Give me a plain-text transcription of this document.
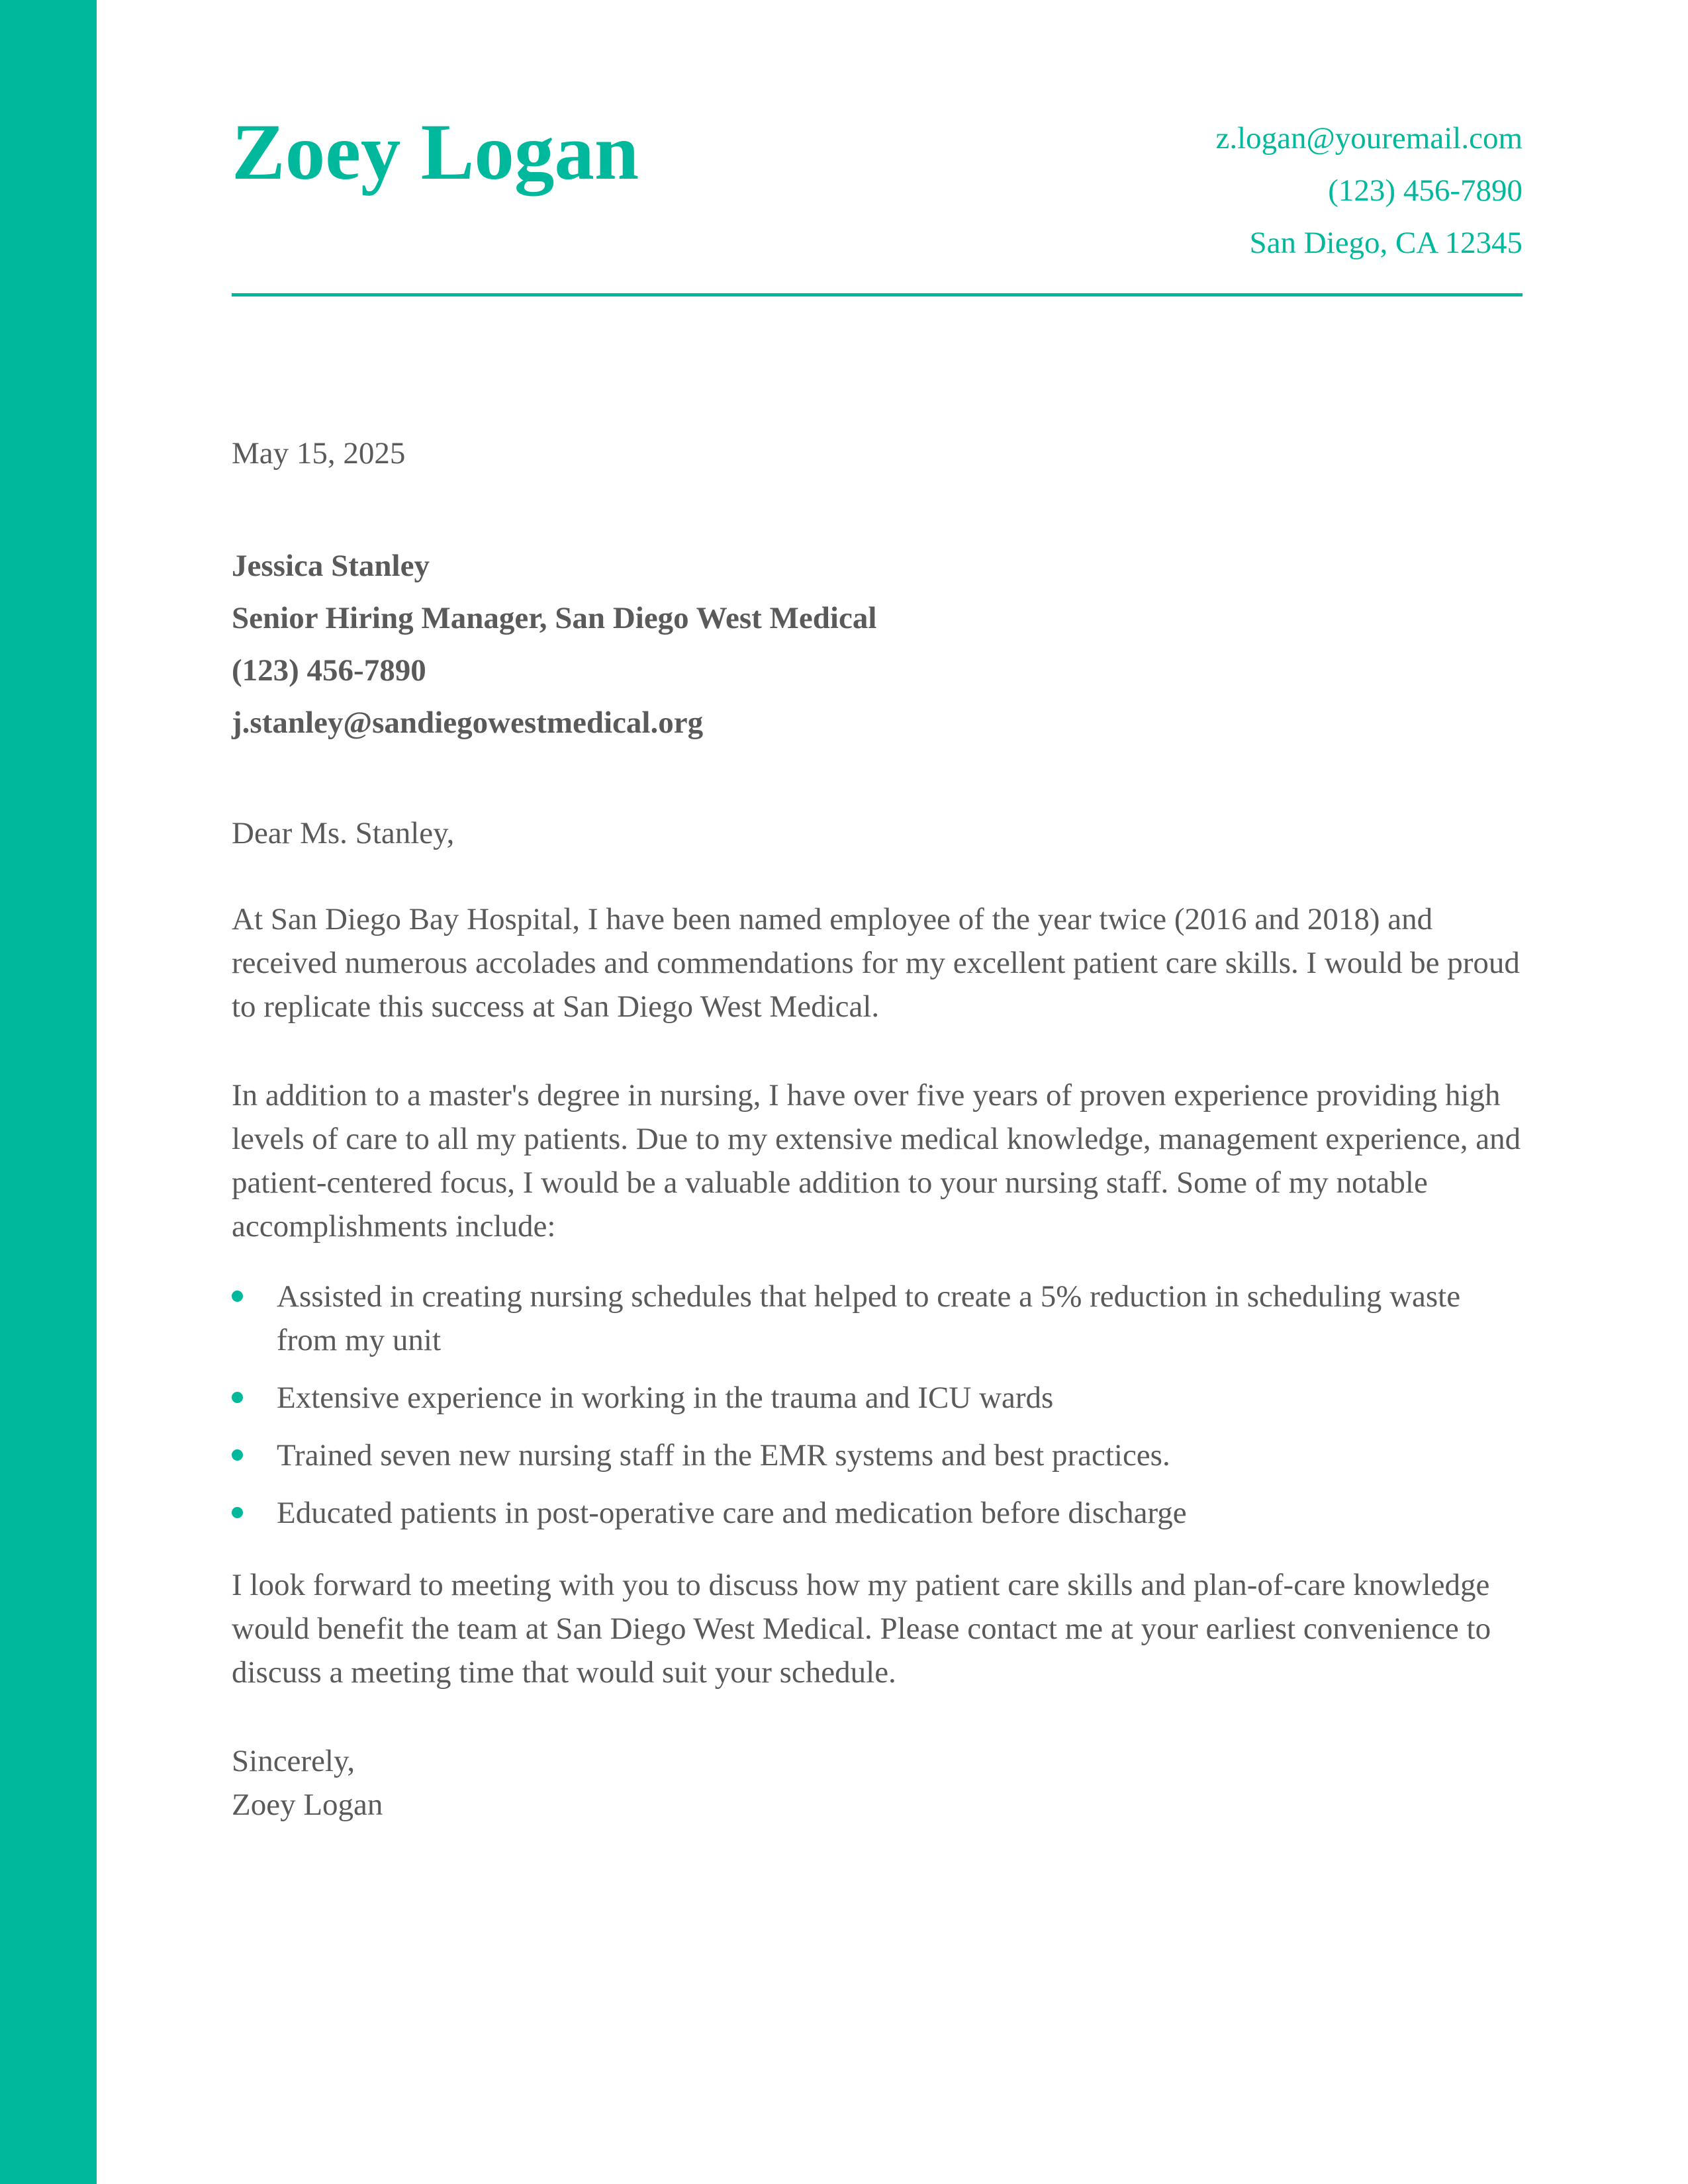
Zoey Logan	z.logan@youremail.com
(123) 456-7890
San Diego, CA 12345
May 15, 2025
Jessica Stanley
Senior Hiring Manager, San Diego West Medical
(123) 456-7890
j.stanley@sandiegowestmedical.org
Dear Ms. Stanley,

At San Diego Bay Hospital, I have been named employee of the year twice (2016 and 2018) and received numerous accolades and commendations for my excellent patient care skills. I would be proud to replicate this success at San Diego West Medical.

In addition to a master's degree in nursing, I have over five years of proven experience providing high levels of care to all my patients. Due to my extensive medical knowledge, management experience, and patient-centered focus, I would be a valuable addition to your nursing staff. Some of my notable accomplishments include:

Assisted in creating nursing schedules that helped to create a 5% reduction in scheduling waste from my unit
Extensive experience in working in the trauma and ICU wards
Trained seven new nursing staff in the EMR systems and best practices.
Educated patients in post-operative care and medication before discharge

I look forward to meeting with you to discuss how my patient care skills and plan-of-care knowledge would benefit the team at San Diego West Medical. Please contact me at your earliest convenience to discuss a meeting time that would suit your schedule.

Sincerely,
Zoey Logan
